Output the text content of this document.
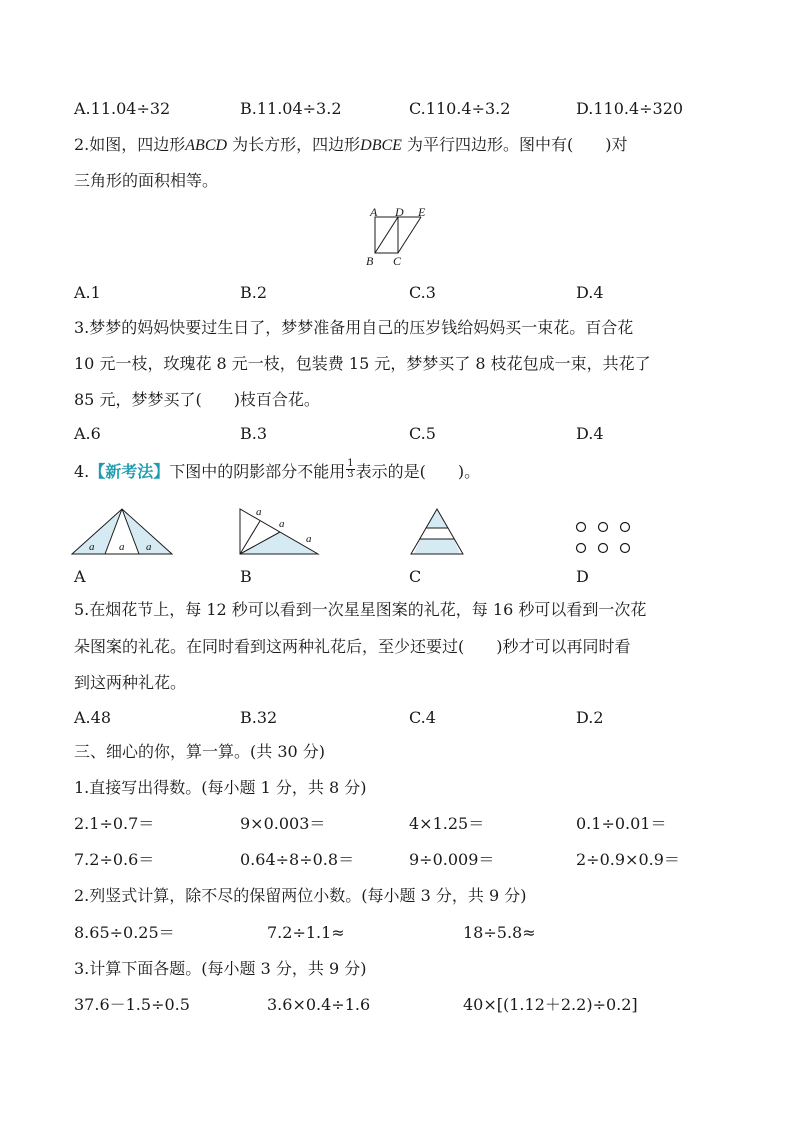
A.11.04÷32	B.11.04÷3.2	C.110.4÷3.2	D.110.4÷320
2.如图，四边形ABCD 为长方形，四边形DBCE 为平行四边形。图中有(　　)对
三角形的面积相等。
A D E
B C
A.1	B.2	C.3	D.4
3.梦梦的妈妈快要过生日了，梦梦准备用自己的压岁钱给妈妈买一束花。百合花
10 元一枝，玫瑰花 8 元一枝，包装费 15 元，梦梦买了 8 枝花包成一束，共花了
85 元，梦梦买了(　　)枝百合花。
A.6	B.3	C.5	D.4
4.【新考法】下图中的阴影部分不能用 $\frac{1}{3}$ 表示的是(　　)。
a a a
a
a
a
A	B	C	D
5.在烟花节上，每 12 秒可以看到一次星星图案的礼花，每 16 秒可以看到一次花
朵图案的礼花。在同时看到这两种礼花后，至少还要过(　　)秒才可以再同时看
到这两种礼花。
A.48	B.32	C.4	D.2
三、细心的你，算一算。(共 30 分)
1.直接写出得数。(每小题 1 分，共 8 分)
2.1÷0.7＝	9×0.003＝	4×1.25＝	0.1÷0.01＝
7.2÷0.6＝	0.64÷8÷0.8＝	9÷0.009＝	2÷0.9×0.9＝
2.列竖式计算，除不尽的保留两位小数。(每小题 3 分，共 9 分)
8.65÷0.25＝	7.2÷1.1≈	18÷5.8≈
3.计算下面各题。(每小题 3 分，共 9 分)
37.6－1.5÷0.5	3.6×0.4÷1.6	40×[(1.12＋2.2)÷0.2]
